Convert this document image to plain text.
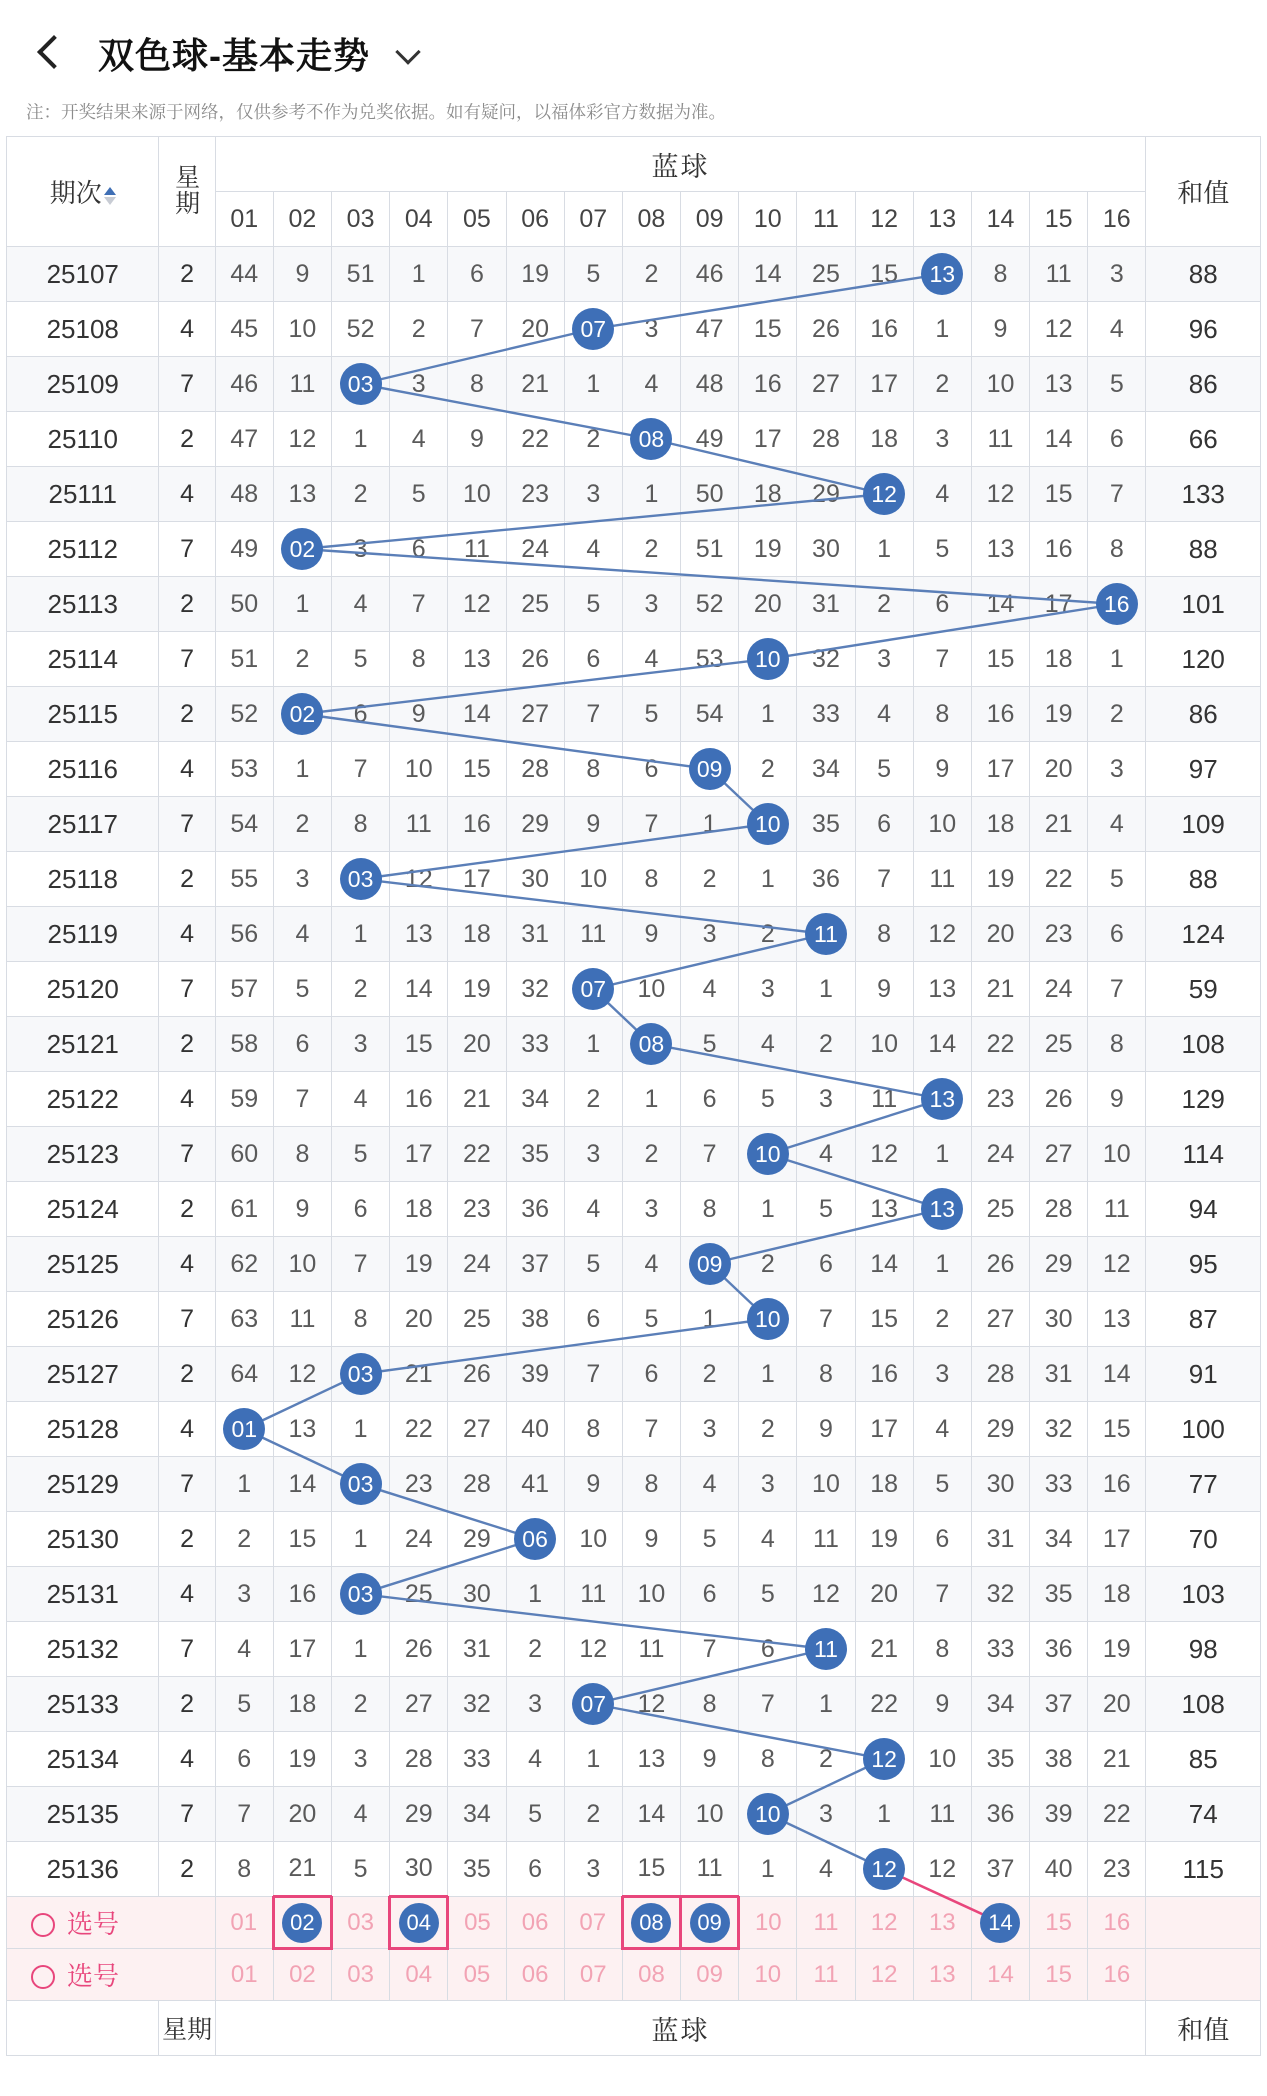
双色球-基本走势
注：开奖结果来源于网络，仅供参考不作为兑奖依据。如有疑问，以福体彩官方数据为准。
期次	星期	蓝球																和值
		01	02	03	04	05	06	07	08	09	10	11	12	13	14	15	16	
25107	2	44	9	51	1	6	19	5	2	46	14	25	15	13	8	11	3	88
25108	4	45	10	52	2	7	20	07	3	47	15	26	16	1	9	12	4	96
25109	7	46	11	03	3	8	21	1	4	48	16	27	17	2	10	13	5	86
25110	2	47	12	1	4	9	22	2	08	49	17	28	18	3	11	14	6	66
25111	4	48	13	2	5	10	23	3	1	50	18	29	12	4	12	15	7	133
25112	7	49	02	3	6	11	24	4	2	51	19	30	1	5	13	16	8	88
25113	2	50	1	4	7	12	25	5	3	52	20	31	2	6	14	17	16	101
25114	7	51	2	5	8	13	26	6	4	53	10	32	3	7	15	18	1	120
25115	2	52	02	6	9	14	27	7	5	54	1	33	4	8	16	19	2	86
25116	4	53	1	7	10	15	28	8	6	09	2	34	5	9	17	20	3	97
25117	7	54	2	8	11	16	29	9	7	1	10	35	6	10	18	21	4	109
25118	2	55	3	03	12	17	30	10	8	2	1	36	7	11	19	22	5	88
25119	4	56	4	1	13	18	31	11	9	3	2	11	8	12	20	23	6	124
25120	7	57	5	2	14	19	32	07	10	4	3	1	9	13	21	24	7	59
25121	2	58	6	3	15	20	33	1	08	5	4	2	10	14	22	25	8	108
25122	4	59	7	4	16	21	34	2	1	6	5	3	11	13	23	26	9	129
25123	7	60	8	5	17	22	35	3	2	7	10	4	12	1	24	27	10	114
25124	2	61	9	6	18	23	36	4	3	8	1	5	13	13	25	28	11	94
25125	4	62	10	7	19	24	37	5	4	09	2	6	14	1	26	29	12	95
25126	7	63	11	8	20	25	38	6	5	1	10	7	15	2	27	30	13	87
25127	2	64	12	03	21	26	39	7	6	2	1	8	16	3	28	31	14	91
25128	4	01	13	1	22	27	40	8	7	3	2	9	17	4	29	32	15	100
25129	7	1	14	03	23	28	41	9	8	4	3	10	18	5	30	33	16	77
25130	2	2	15	1	24	29	06	10	9	5	4	11	19	6	31	34	17	70
25131	4	3	16	03	25	30	1	11	10	6	5	12	20	7	32	35	18	103
25132	7	4	17	1	26	31	2	12	11	7	6	11	21	8	33	36	19	98
25133	2	5	18	2	27	32	3	07	12	8	7	1	22	9	34	37	20	108
25134	4	6	19	3	28	33	4	1	13	9	8	2	12	10	35	38	21	85
25135	7	7	20	4	29	34	5	2	14	10	10	3	1	11	36	39	22	74
25136	2	8	21	5	30	35	6	3	15	11	1	4	12	12	37	40	23	115
选号		01	02	03	04	05	06	07	08	09	10	11	12	13	14	15	16	
选号		01	02	03	04	05	06	07	08	09	10	11	12	13	14	15	16	
	星期	蓝球																和值
